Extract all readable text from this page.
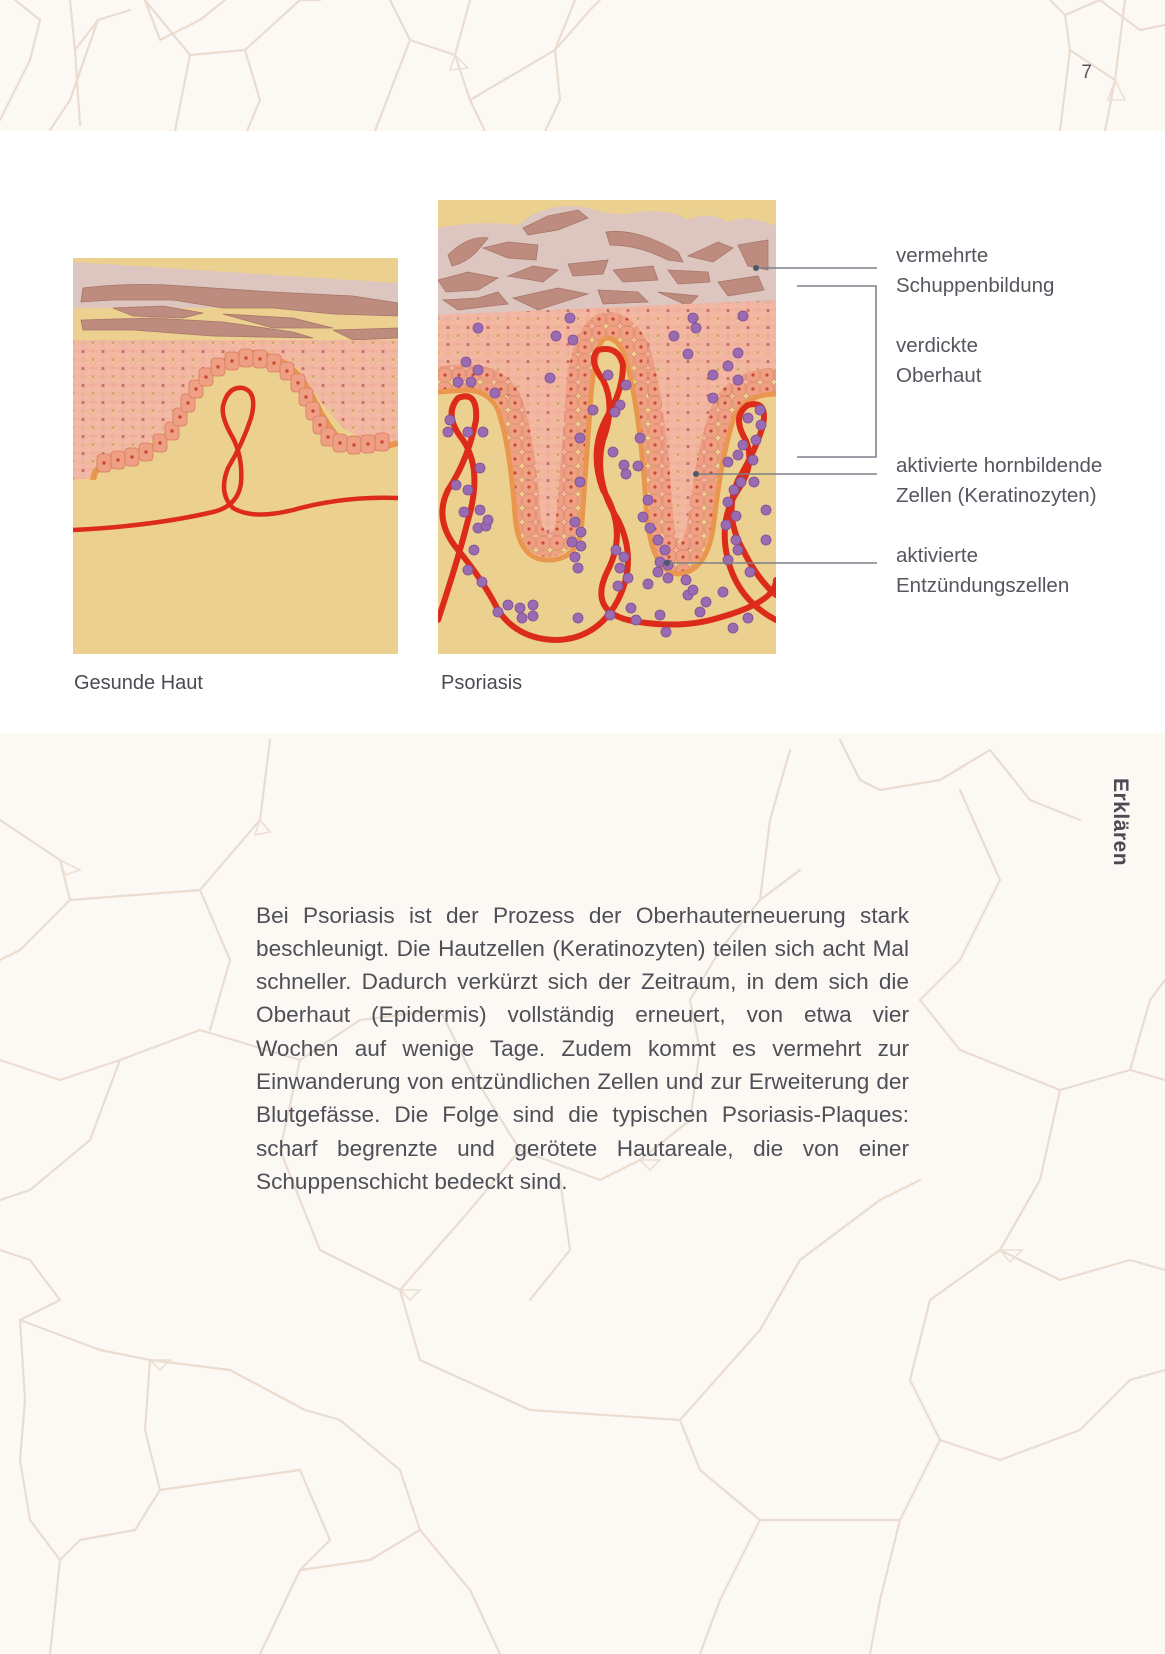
7
vermehrte
Schuppenbildung
verdickte
Oberhaut
aktivierte hornbildende
Zellen (Keratinozyten)
aktivierte
Entzündungszellen
Gesunde Haut	Psoriasis
Erklären

Bei Psoriasis ist der Prozess der Oberhauterneuerung stark beschleunigt. Die Hautzellen (Keratinozyten) teilen sich acht Mal schneller. Dadurch verkürzt sich der Zeitraum, in dem sich die Oberhaut (Epidermis) vollständig erneuert, von etwa vier Wochen auf wenige Tage. Zudem kommt es vermehrt zur Einwanderung von entzündlichen Zellen und zur Erweiterung der Blutgefässe. Die Folge sind die typischen Psoriasis-Plaques: scharf begrenzte und gerötete Hautareale, die von einer Schuppenschicht bedeckt sind.
